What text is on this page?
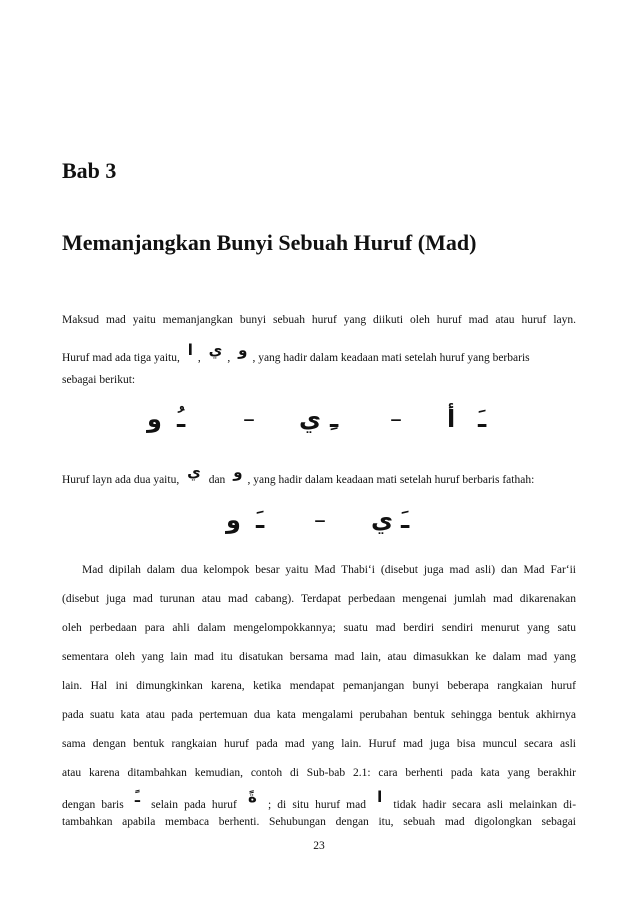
Bab 3
Memanjangkan Bunyi Sebuah Huruf (Mad)
Maksud mad yaitu memanjangkan bunyi sebuah huruf yang diikuti oleh huruf mad atau huruf layn.
Huruf mad ada tiga yaitu, ا , ي , و , yang hadir dalam keadaan mati setelah huruf yang berbaris
sebagai berikut:
و ـُ – ي ـِ – أ ـَ
Huruf layn ada dua yaitu, ي dan و , yang hadir dalam keadaan mati setelah huruf berbaris fathah:
و ـَ – ي ـَ
Mad dipilah dalam dua kelompok besar yaitu Mad Thabi‘i (disebut juga mad asli) dan Mad Far‘ii
(disebut juga mad turunan atau mad cabang). Terdapat perbedaan mengenai jumlah mad dikarenakan
oleh perbedaan para ahli dalam mengelompokkannya; suatu mad berdiri sendiri menurut yang satu
sementara oleh yang lain mad itu disatukan bersama mad lain, atau dimasukkan ke dalam mad yang
lain. Hal ini dimungkinkan karena, ketika mendapat pemanjangan bunyi beberapa rangkaian huruf
pada suatu kata atau pada pertemuan dua kata mengalami perubahan bentuk sehingga bentuk akhirnya
sama dengan bentuk rangkaian huruf pada mad yang lain. Huruf mad juga bisa muncul secara asli
atau karena ditambahkan kemudian, contoh di Sub-bab 2.1: cara berhenti pada kata yang berakhir
dengan baris ـً selain pada huruf ةً ; di situ huruf mad ا tidak hadir secara asli melainkan di-
tambahkan apabila membaca berhenti. Sehubungan dengan itu, sebuah mad digolongkan sebagai
23
